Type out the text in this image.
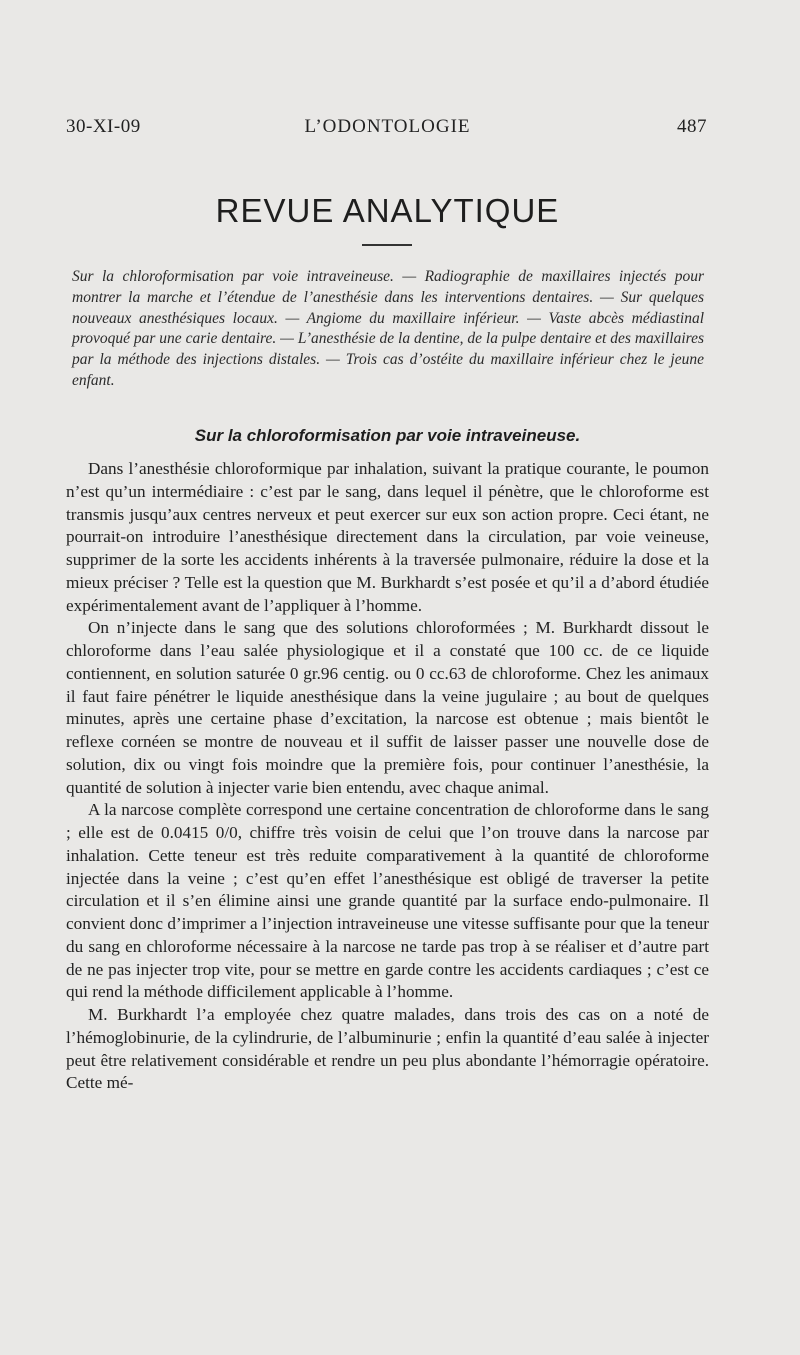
30-XI-09	L’ODONTOLOGIE	487
REVUE ANALYTIQUE
Sur la chloroformisation par voie intraveineuse. — Radiographie de maxillaires injectés pour montrer la marche et l’étendue de l’anesthésie dans les interventions dentaires. — Sur quelques nouveaux anesthésiques locaux. — Angiome du maxillaire inférieur. — Vaste abcès médiastinal provoqué par une carie dentaire. — L’anesthésie de la dentine, de la pulpe dentaire et des maxillaires par la méthode des injections distales. — Trois cas d’ostéite du maxillaire inférieur chez le jeune enfant.
Sur la chloroformisation par voie intraveineuse.

Dans l’anesthésie chloroformique par inhalation, suivant la pratique courante, le poumon n’est qu’un intermédiaire : c’est par le sang, dans lequel il pénètre, que le chloroforme est transmis jusqu’aux centres nerveux et peut exercer sur eux son action propre. Ceci étant, ne pourrait-on introduire l’anesthésique directement dans la circulation, par voie veineuse, supprimer de la sorte les accidents inhérents à la traversée pulmonaire, réduire la dose et la mieux préciser ? Telle est la question que M. Burkhardt s’est posée et qu’il a d’abord étudiée expérimentalement avant de l’appliquer à l’homme.

On n’injecte dans le sang que des solutions chloroformées ; M. Burkhardt dissout le chloroforme dans l’eau salée physiologique et il a constaté que 100 cc. de ce liquide contiennent, en solution saturée 0 gr.96 centig. ou 0 cc.63 de chloroforme. Chez les animaux il faut faire pénétrer le liquide anesthésique dans la veine jugulaire ; au bout de quelques minutes, après une certaine phase d’excitation, la narcose est obtenue ; mais bientôt le reflexe cornéen se montre de nouveau et il suffit de laisser passer une nouvelle dose de solution, dix ou vingt fois moindre que la première fois, pour continuer l’anesthésie, la quantité de solution à injecter varie bien entendu, avec chaque animal.

A la narcose complète correspond une certaine concentration de chloroforme dans le sang ; elle est de 0.0415 0/0, chiffre très voisin de celui que l’on trouve dans la narcose par inhalation. Cette teneur est très reduite comparativement à la quantité de chloroforme injectée dans la veine ; c’est qu’en effet l’anesthésique est obligé de traverser la petite circulation et il s’en élimine ainsi une grande quantité par la surface endo-pulmonaire. Il convient donc d’imprimer a l’injection intraveineuse une vitesse suffisante pour que la teneur du sang en chloroforme nécessaire à la narcose ne tarde pas trop à se réaliser et d’autre part de ne pas injecter trop vite, pour se mettre en garde contre les accidents cardiaques ; c’est ce qui rend la méthode difficilement applicable à l’homme.

M. Burkhardt l’a employée chez quatre malades, dans trois des cas on a noté de l’hémoglobinurie, de la cylindrurie, de l’albuminurie ; enfin la quantité d’eau salée à injecter peut être relativement considérable et rendre un peu plus abondante l’hémorragie opératoire. Cette mé-
